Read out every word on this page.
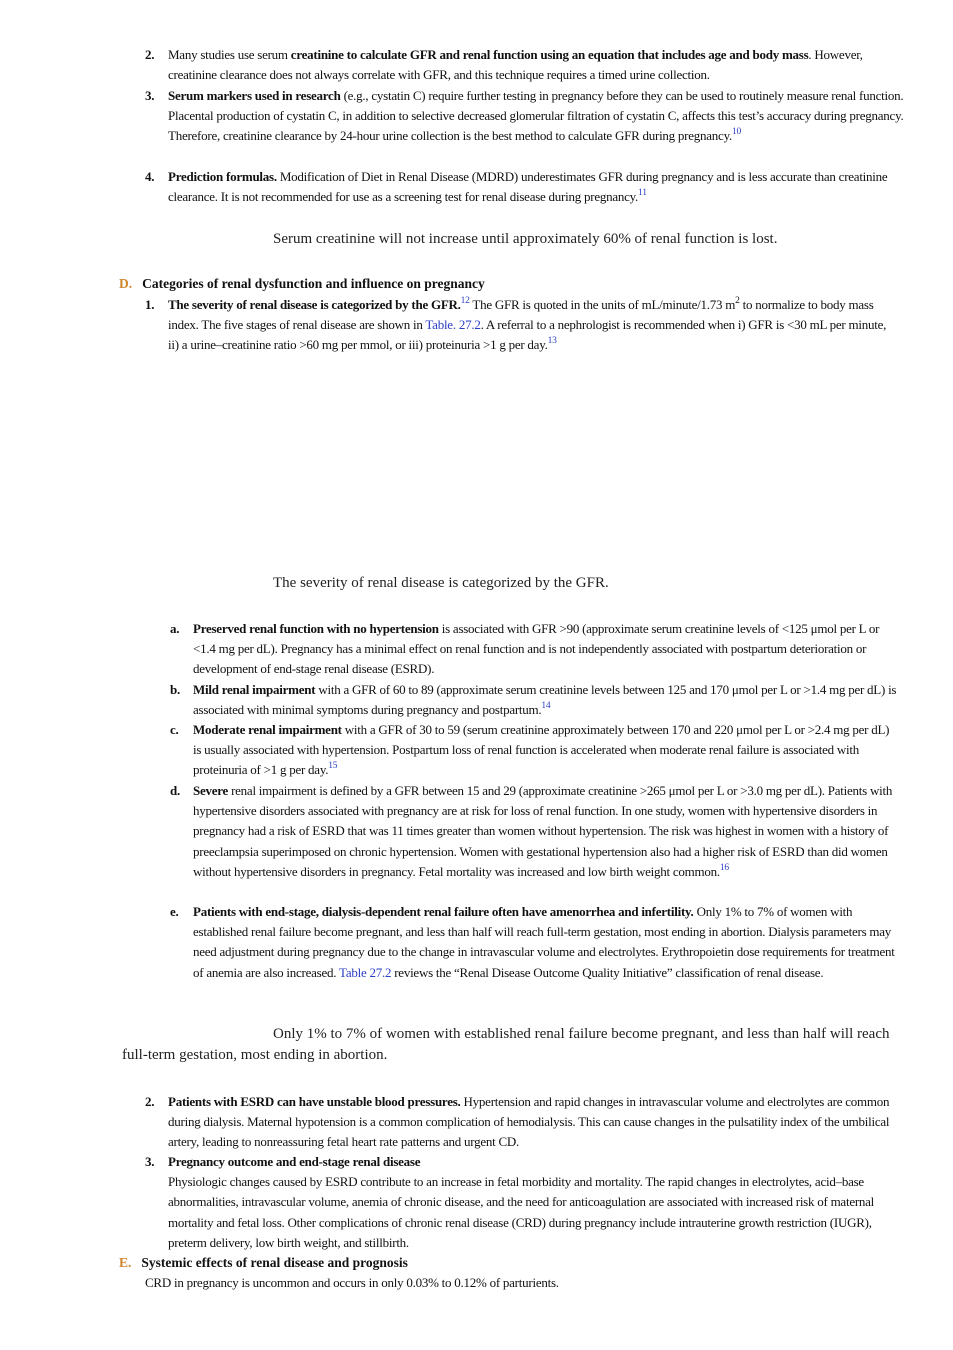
2. Many studies use serum creatinine to calculate GFR and renal function using an equation that includes age and body mass. However, creatinine clearance does not always correlate with GFR, and this technique requires a timed urine collection.
3. Serum markers used in research (e.g., cystatin C) require further testing in pregnancy before they can be used to routinely measure renal function. Placental production of cystatin C, in addition to selective decreased glomerular filtration of cystatin C, affects this test’s accuracy during pregnancy. Therefore, creatinine clearance by 24-hour urine collection is the best method to calculate GFR during pregnancy.$^{10}$
4. Prediction formulas. Modification of Diet in Renal Disease (MDRD) underestimates GFR during pregnancy and is less accurate than creatinine clearance. It is not recommended for use as a screening test for renal disease during pregnancy.$^{11}$
Serum creatinine will not increase until approximately 60% of renal function is lost.
D. Categories of renal dysfunction and influence on pregnancy
1. The severity of renal disease is categorized by the GFR.$^{12}$ The GFR is quoted in the units of mL/minute/1.73 $m^2$ to normalize to body mass index. The five stages of renal disease are shown in Table. 27.2. A referral to a nephrologist is recommended when i) GFR is <30 mL per minute, ii) a urine–creatinine ratio >60 mg per mmol, or iii) proteinuria >1 g per day.$^{13}$
The severity of renal disease is categorized by the GFR.
a. Preserved renal function with no hypertension is associated with GFR >90 (approximate serum creatinine levels of <125 μmol per L or <1.4 mg per dL). Pregnancy has a minimal effect on renal function and is not independently associated with postpartum deterioration or development of end-stage renal disease (ESRD).
b. Mild renal impairment with a GFR of 60 to 89 (approximate serum creatinine levels between 125 and 170 μmol per L or >1.4 mg per dL) is associated with minimal symptoms during pregnancy and postpartum.$^{14}$
c. Moderate renal impairment with a GFR of 30 to 59 (serum creatinine approximately between 170 and 220 μmol per L or >2.4 mg per dL) is usually associated with hypertension. Postpartum loss of renal function is accelerated when moderate renal failure is associated with proteinuria of >1 g per day.$^{15}$
d. Severe renal impairment is defined by a GFR between 15 and 29 (approximate creatinine >265 μmol per L or >3.0 mg per dL). Patients with hypertensive disorders associated with pregnancy are at risk for loss of renal function. In one study, women with hypertensive disorders in pregnancy had a risk of ESRD that was 11 times greater than women without hypertension. The risk was highest in women with a history of preeclampsia superimposed on chronic hypertension. Women with gestational hypertension also had a higher risk of ESRD than did women without hypertensive disorders in pregnancy. Fetal mortality was increased and low birth weight common.$^{16}$
e. Patients with end-stage, dialysis-dependent renal failure often have amenorrhea and infertility. Only 1% to 7% of women with established renal failure become pregnant, and less than half will reach full-term gestation, most ending in abortion. Dialysis parameters may need adjustment during pregnancy due to the change in intravascular volume and electrolytes. Erythropoietin dose requirements for treatment of anemia are also increased. Table 27.2 reviews the “Renal Disease Outcome Quality Initiative” classification of renal disease.
Only 1% to 7% of women with established renal failure become pregnant, and less than half will reach full-term gestation, most ending in abortion.
2. Patients with ESRD can have unstable blood pressures. Hypertension and rapid changes in intravascular volume and electrolytes are common during dialysis. Maternal hypotension is a common complication of hemodialysis. This can cause changes in the pulsatility index of the umbilical artery, leading to nonreassuring fetal heart rate patterns and urgent CD.
3. Pregnancy outcome and end-stage renal disease
Physiologic changes caused by ESRD contribute to an increase in fetal morbidity and mortality. The rapid changes in electrolytes, acid–base abnormalities, intravascular volume, anemia of chronic disease, and the need for anticoagulation are associated with increased risk of maternal mortality and fetal loss. Other complications of chronic renal disease (CRD) during pregnancy include intrauterine growth restriction (IUGR), preterm delivery, low birth weight, and stillbirth.
E. Systemic effects of renal disease and prognosis
CRD in pregnancy is uncommon and occurs in only 0.03% to 0.12% of parturients.
